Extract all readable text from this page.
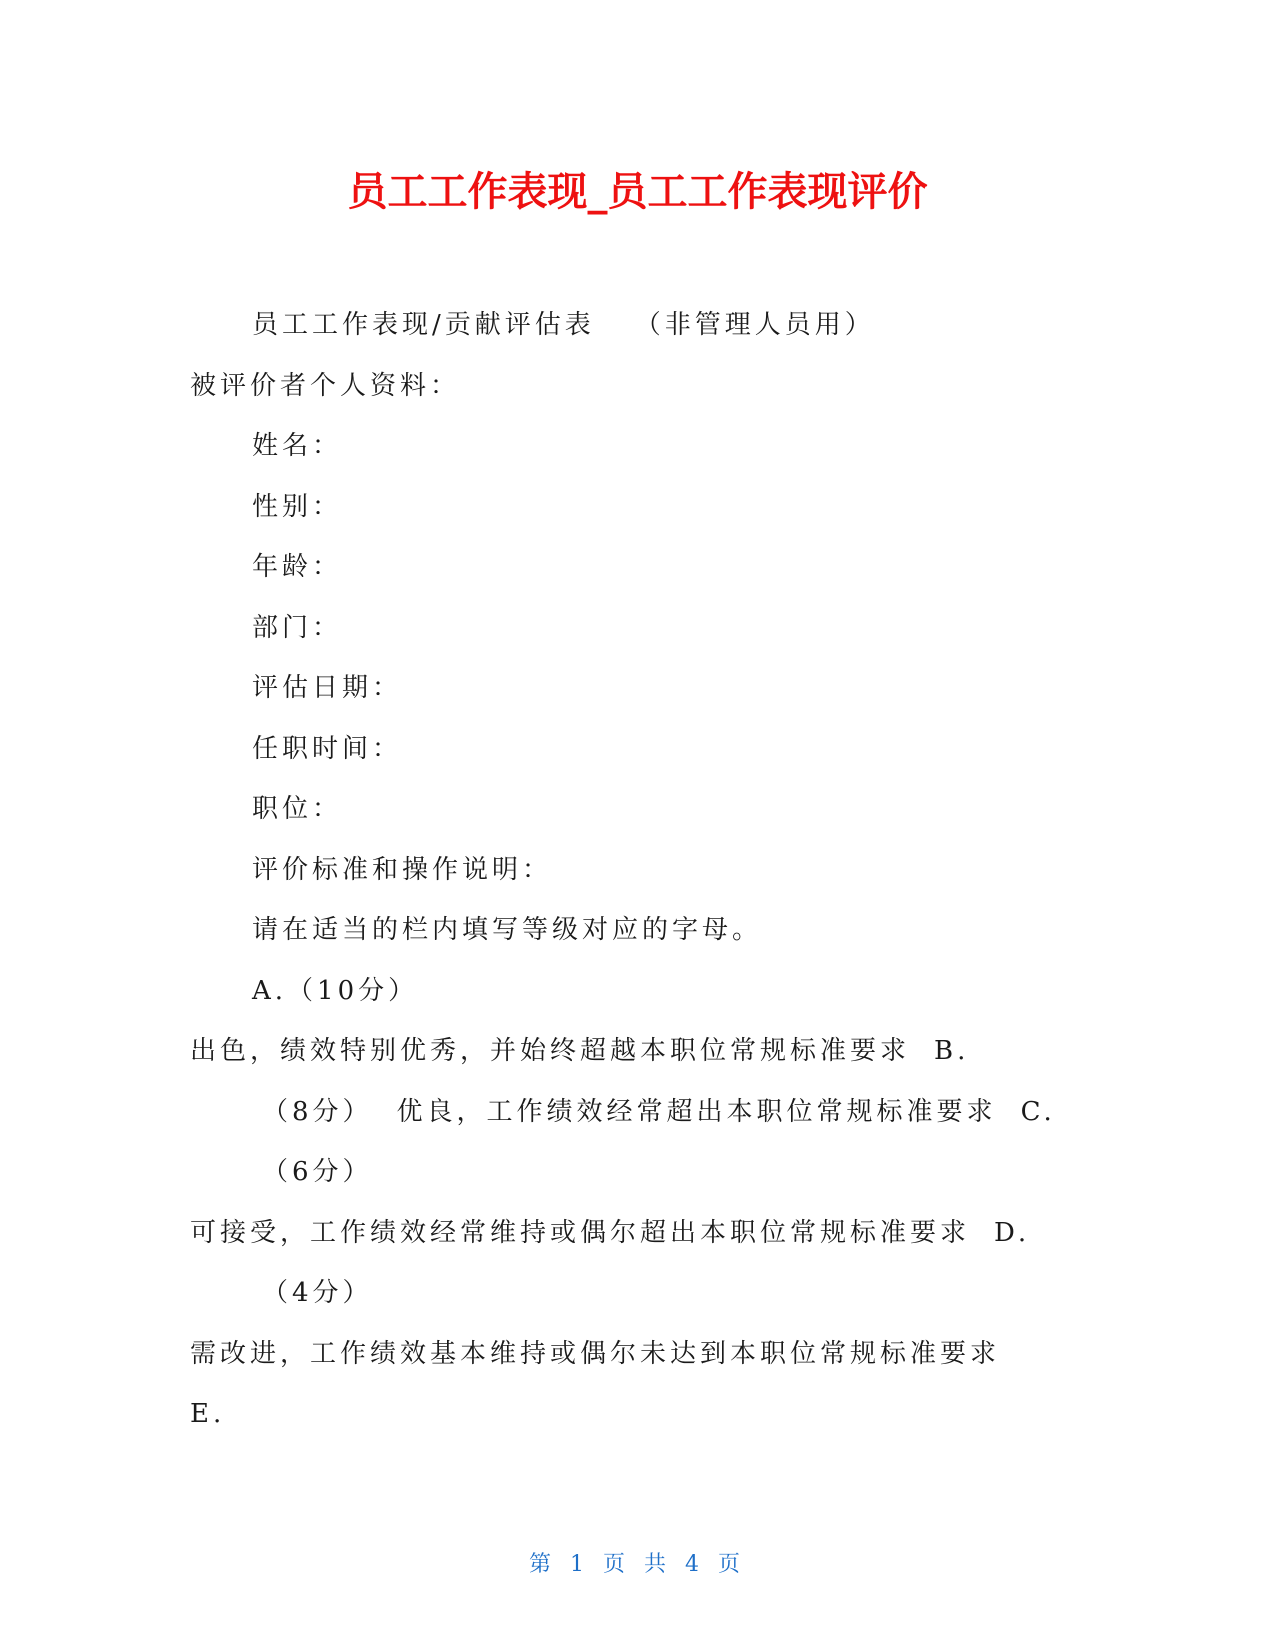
员工工作表现_员工工作表现评价
员工工作表现/贡献评估表 （非管理人员用）
被评价者个人资料：
姓名：
性别：
年龄：
部门：
评估日期：
任职时间：
职位：
评价标准和操作说明：
请在适当的栏内填写等级对应的字母。
A.（10分）
出色，绩效特别优秀，并始终超越本职位常规标准要求 B.
（8分） 优良，工作绩效经常超出本职位常规标准要求 C.
（6分）
可接受，工作绩效经常维持或偶尔超出本职位常规标准要求 D.
（4分）
需改进，工作绩效基本维持或偶尔未达到本职位常规标准要求
E.
第 1 页 共 4 页
